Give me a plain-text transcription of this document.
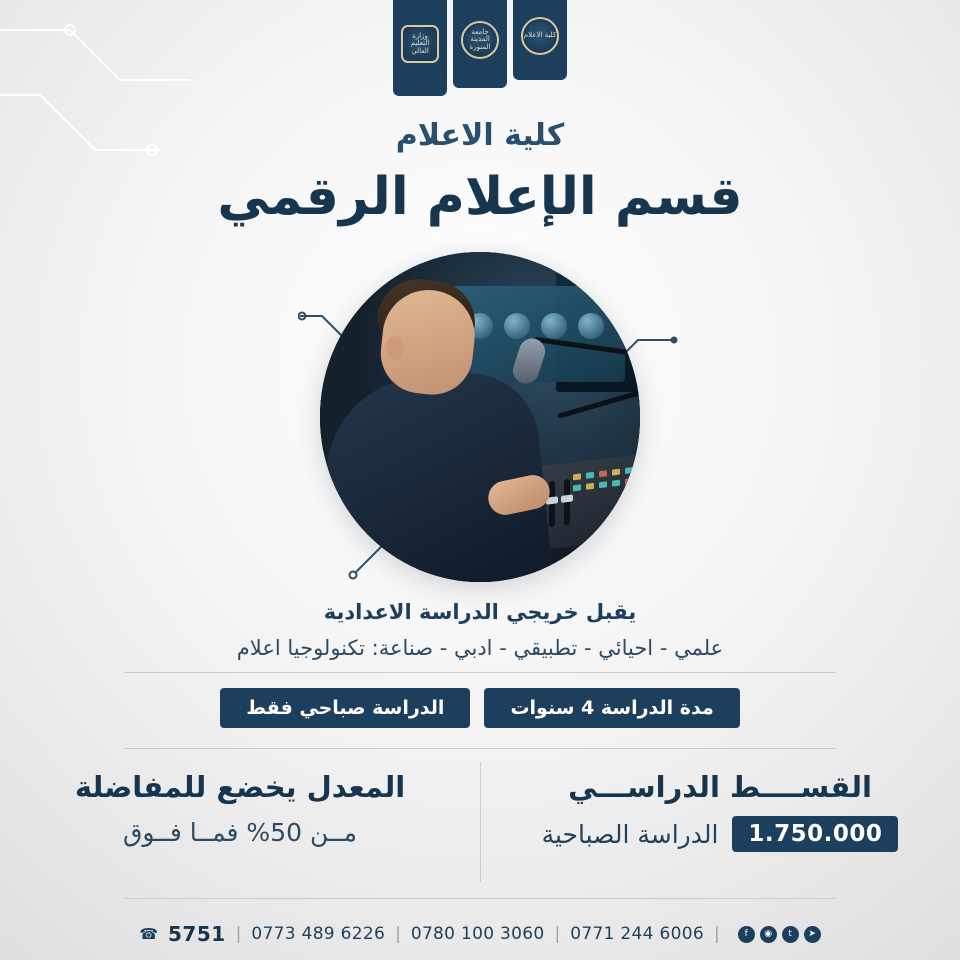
كلية الاعلام
جامعة المدينة المنورة
وزارة التعليم العالي
كلية الاعلام
قسم الإعلام الرقمي
يقبل خريجي الدراسة الاعدادية
علمي - احيائي - تطبيقي - ادبي - صناعة: تكنولوجيا اعلام
مدة الدراسة 4 سنوات
الدراسة صباحي فقط
القســــط الدراســـي
1.750.000
الدراسة الصباحية
المعدل يخضع للمفاضلة
مــن 50% فمــا فــوق
☎ 5751 | 0773 489 6226 | 0780 100 3060 | 0771 244 6006 |	f	◉	t	➤
